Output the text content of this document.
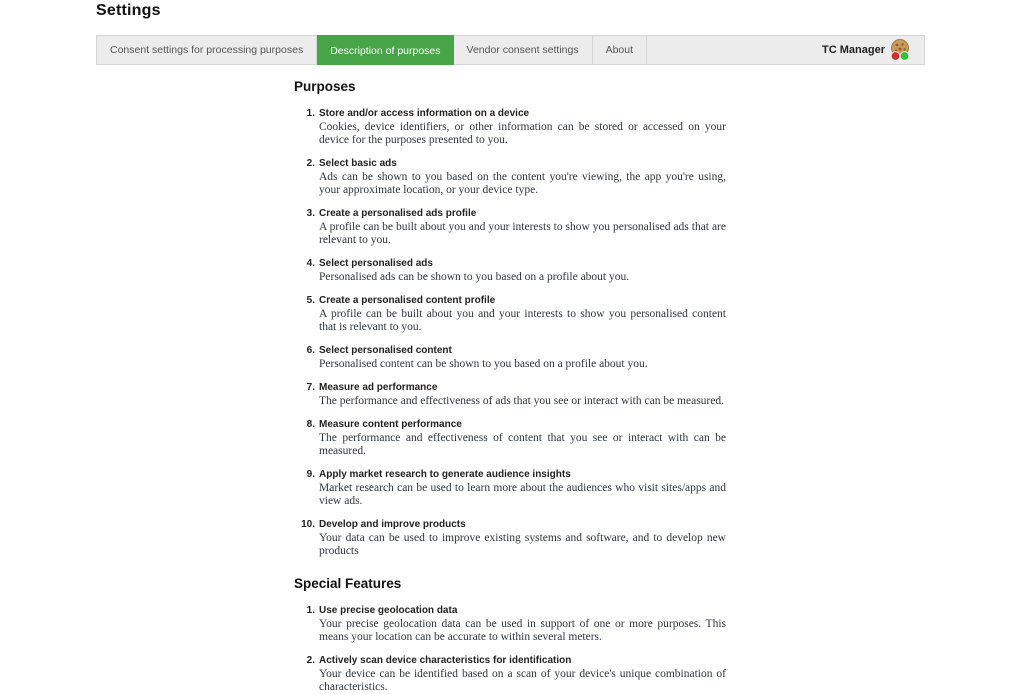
Settings
Consent settings for processing purposes	Description of purposes	Vendor consent settings	About	TC Manager
Purposes
1. Store and/or access information on a device
Cookies, device identifiers, or other information can be stored or accessed on your device for the purposes presented to you.
2. Select basic ads
Ads can be shown to you based on the content you're viewing, the app you're using, your approximate location, or your device type.
3. Create a personalised ads profile
A profile can be built about you and your interests to show you personalised ads that are relevant to you.
4. Select personalised ads
Personalised ads can be shown to you based on a profile about you.
5. Create a personalised content profile
A profile can be built about you and your interests to show you personalised content that is relevant to you.
6. Select personalised content
Personalised content can be shown to you based on a profile about you.
7. Measure ad performance
The performance and effectiveness of ads that you see or interact with can be measured.
8. Measure content performance
The performance and effectiveness of content that you see or interact with can be measured.
9. Apply market research to generate audience insights
Market research can be used to learn more about the audiences who visit sites/apps and view ads.
10. Develop and improve products
Your data can be used to improve existing systems and software, and to develop new products
Special Features
1. Use precise geolocation data
Your precise geolocation data can be used in support of one or more purposes. This means your location can be accurate to within several meters.
2. Actively scan device characteristics for identification
Your device can be identified based on a scan of your device's unique combination of characteristics.
